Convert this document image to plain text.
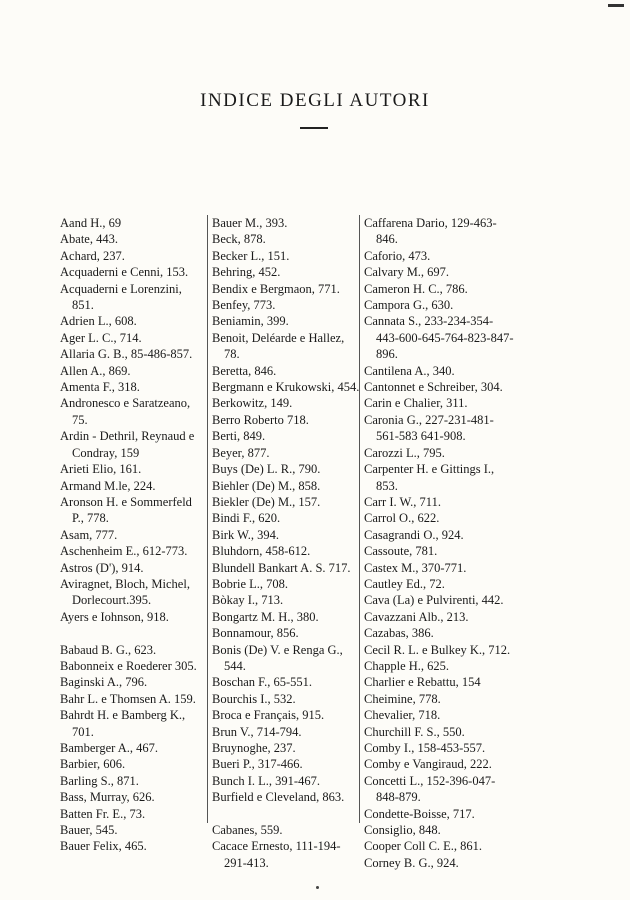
INDICE DEGLI AUTORI
Aand H., 69
Abate, 443.
Achard, 237.
Acquaderni e Cenni, 153.
Acquaderni e Lorenzini, 851.
Adrien L., 608.
Ager L. C., 714.
Allaria G. B., 85-486-857.
Allen A., 869.
Amenta F., 318.
Andronesco e Saratzeano, 75.
Ardin - Dethril, Reynaud e Condray, 159
Arieti Elio, 161.
Armand M.le, 224.
Aronson H. e Sommerfeld P., 778.
Asam, 777.
Aschenheim E., 612-773.
Astros (D'), 914.
Aviragnet, Bloch, Michel, Dorlecourt.395.
Ayers e Iohnson, 918.
Babaud B. G., 623.
Babonneix e Roederer 305.
Baginski A., 796.
Bahr L. e Thomsen A. 159.
Bahrdt H. e Bamberg K., 701.
Bamberger A., 467.
Barbier, 606.
Barling S., 871.
Bass, Murray, 626.
Batten Fr. E., 73.
Bauer, 545.
Bauer Felix, 465.
Bauer M., 393.
Beck, 878.
Becker L., 151.
Behring, 452.
Bendix e Bergmaon, 771.
Benfey, 773.
Beniamin, 399.
Benoit, Deléarde e Hallez, 78.
Beretta, 846.
Bergmann e Krukowski, 454.
Berkowitz, 149.
Berro Roberto 718.
Berti, 849.
Beyer, 877.
Buys (De) L. R., 790.
Biehler (De) M., 858.
Biekler (De) M., 157.
Bindi F., 620.
Birk W., 394.
Bluhdorn, 458-612.
Blundell Bankart A. S. 717.
Bobrie L., 708.
Bòkay I., 713.
Bongartz M. H., 380.
Bonnamour, 856.
Bonis (De) V. e Renga G., 544.
Boschan F., 65-551.
Bourchis I., 532.
Broca e Français, 915.
Brun V., 714-794.
Bruynoghe, 237.
Bueri P., 317-466.
Bunch I. L., 391-467.
Burfield e Cleveland, 863.
Cabanes, 559.
Cacace Ernesto, 111-194-291-413.
Caffarena Dario, 129-463-846.
Caforio, 473.
Calvary M., 697.
Cameron H. C., 786.
Campora G., 630.
Cannata S., 233-234-354-443-600-645-764-823-847-896.
Cantilena A., 340.
Cantonnet e Schreiber, 304.
Carin e Chalier, 311.
Caronia G., 227-231-481-561-583 641-908.
Carozzi L., 795.
Carpenter H. e Gittings I., 853.
Carr I. W., 711.
Carrol O., 622.
Casagrandi O., 924.
Cassoute, 781.
Castex M., 370-771.
Cautley Ed., 72.
Cava (La) e Pulvirenti, 442.
Cavazzani Alb., 213.
Cazabas, 386.
Cecil R. L. e Bulkey K., 712.
Chapple H., 625.
Charlier e Rebattu, 154
Cheimine, 778.
Chevalier, 718.
Churchill F. S., 550.
Comby I., 158-453-557.
Comby e Vangiraud, 222.
Concetti L., 152-396-047-848-879.
Condette-Boisse, 717.
Consiglio, 848.
Cooper Coll C. E., 861.
Corney B. G., 924.
